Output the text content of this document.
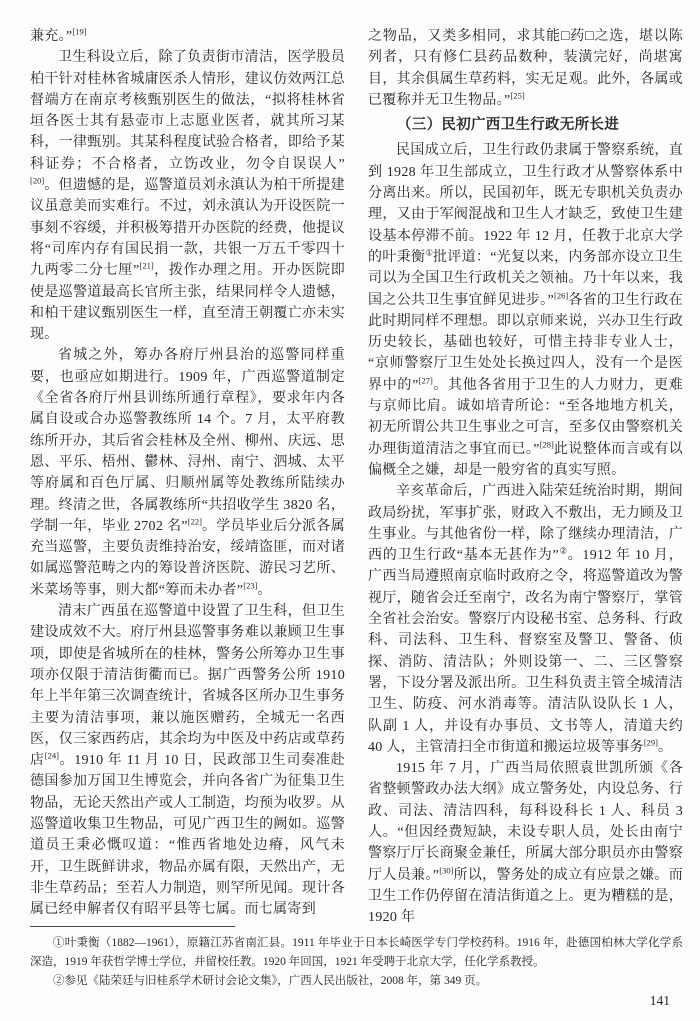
兼充。”[19]

卫生科设立后，除了负责街市清洁，医学股员柏干针对桂林省城庸医杀人情形，建议仿效两江总督端方在南京考核甄别医生的做法，“拟将桂林省垣各医士其有悬壶市上志愿业医者，就其所习某科，一律甄别。其某科程度试验合格者，即给予某科证券；不合格者，立饬改业，勿令自误误人”[20]。但遗憾的是，巡警道员刘永滇认为柏干所提建议虽意美而实难行。不过，刘永滇认为开设医院一事刻不容缓，并积极筹措开办医院的经费，他提议将“司库内存有国民捐一款，共银一万五千零四十九两零二分七厘”[21]，拨作办理之用。开办医院即使是巡警道最高长官所主张，结果同样令人遗憾，和柏干建议甄别医生一样，直至清王朝覆亡亦未实现。

省城之外，筹办各府厅州县治的巡警同样重要，也亟应如期进行。1909 年，广西巡警道制定《全省各府厅州县训练所通行章程》，要求年内各属自设或合办巡警教练所 14 个。7 月，太平府教练所开办，其后省会桂林及全州、柳州、庆远、思恩、平乐、梧州、鬱林、浔州、南宁、泗城、太平等府属和百色厅属、归顺州属等处教练所陆续办理。终清之世，各属教练所“共招收学生 3820 名，学制一年，毕业 2702 名”[22]。学员毕业后分派各属充当巡警，主要负责维持治安，绥靖盗匪，而对诸如属巡警范畴之内的筹设普济医院、游民习艺所、米菜场等事，则大都“筹而未办者”[23]。

清末广西虽在巡警道中设置了卫生科，但卫生建设成效不大。府厅州县巡警事务难以兼顾卫生事项，即使是省城所在的桂林，警务公所筹办卫生事项亦仅限于清洁街衢而已。据广西警务公所 1910 年上半年第三次调查统计，省城各区所办卫生事务主要为清洁事项，兼以施医赠药，全城无一名西医，仅三家西药店，其余均为中医及中药店或草药店[24]。1910 年 11 月 10 日，民政部卫生司奏准赴德国参加万国卫生博览会，并向各省广为征集卫生物品，无论天然出产或人工制造，均预为收罗。从巡警道收集卫生物品，可见广西卫生的阙如。巡警道员王秉必慨叹道：“惟西省地处边瘠，风气未开，卫生既鲜讲求，物品亦属有限，天然出产，无非生草药品；至若人力制造，则罕所见闻。现计各属已经申解者仅有昭平县等七属。而七属寄到

之物品，又类多相同，求其能□药□之选，堪以陈列者，只有修仁县药品数种，装潢完好，尚堪寓目，其余俱属生草药料，实无足观。此外，各属或已覆称并无卫生物品。”[25]

（三）民初广西卫生行政无所长进

民国成立后，卫生行政仍隶属于警察系统，直到 1928 年卫生部成立，卫生行政才从警察体系中分离出来。所以，民国初年，既无专职机关负责办理，又由于军阀混战和卫生人才缺乏，致使卫生建设基本停滞不前。1922 年 12 月，任教于北京大学的叶秉衡①批评道：“光复以来，内务部亦设立卫生司以为全国卫生行政机关之领袖。乃十年以来，我国之公共卫生事宜鲜见进步。”[26]各省的卫生行政在此时期同样不理想。即以京师来说，兴办卫生行政历史较长，基础也较好，可惜主持非专业人士，“京师警察厅卫生处处长换过四人，没有一个是医界中的”[27]。其他各省用于卫生的人力财力，更难与京师比肩。诚如培青所论：“至各地地方机关，初无所谓公共卫生事业之可言，至多仅由警察机关办理街道清洁之事宜而已。”[28]此说整体而言或有以偏概全之嫌，却是一般穷省的真实写照。

辛亥革命后，广西进入陆荣廷统治时期，期间政局纷扰，军事扩张，财政入不敷出，无力顾及卫生事业。与其他省份一样，除了继续办理清洁，广西的卫生行政“基本无甚作为”②。1912 年 10 月，广西当局遵照南京临时政府之令，将巡警道改为警视厅，随省会迁至南宁，改名为南宁警察厅，掌管全省社会治安。警察厅内设秘书室、总务科、行政科、司法科、卫生科、督察室及警卫、警备、侦探、消防、清洁队；外则设第一、二、三区警察署，下设分署及派出所。卫生科负责主管全城清洁卫生、防疫、河水消毒等。清洁队设队长 1 人，队副 1 人，并设有办事员、文书等人，清道夫约 40 人，主管清扫全市街道和搬运垃圾等事务[29]。

1915 年 7 月，广西当局依照袁世凯所颁《各省整顿警政办法大纲》成立警务处，内设总务、行政、司法、清洁四科，每科设科长 1 人、科员 3 人。“但因经费短缺，未设专职人员，处长由南宁警察厅厅长商聚金兼任，所属大部分职员亦由警察厅人员兼。”[30]所以，警务处的成立有应景之嫌。而卫生工作仍停留在清洁街道之上。更为糟糕的是，1920 年

①叶秉衡（1882—1961），原籍江苏省南汇县。1911 年毕业于日本长崎医学专门学校药科。1916 年，赴德国柏林大学化学系深造，1919 年获哲学博士学位，并留校任教。1920 年回国，1921 年受聘于北京大学，任化学系教授。

②参见《陆荣廷与旧桂系学术研讨会论文集》，广西人民出版社，2008 年，第 349 页。

141
